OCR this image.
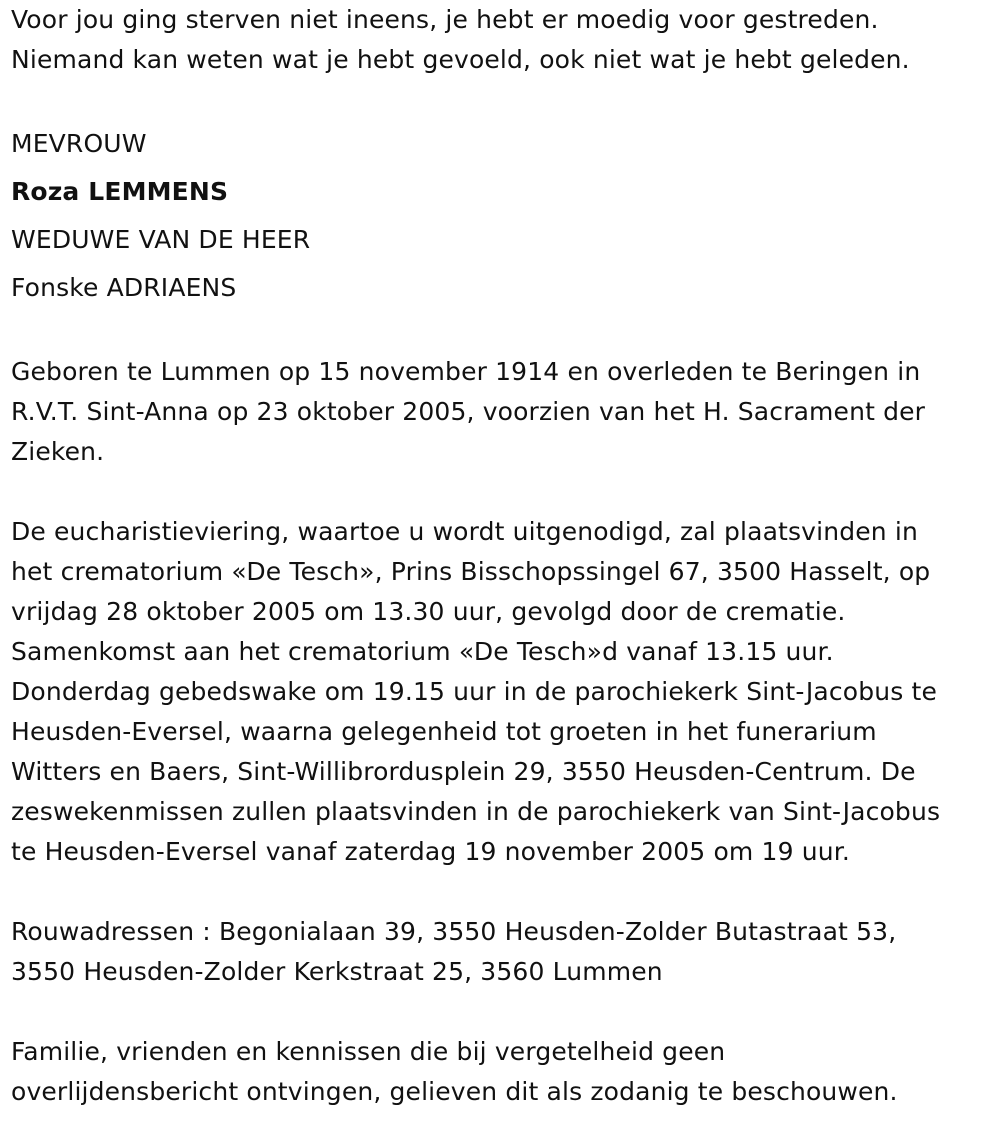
Voor jou ging sterven niet ineens, je hebt er moedig voor gestreden.
Niemand kan weten wat je hebt gevoeld, ook niet wat je hebt geleden.
MEVROUW
Roza LEMMENS
WEDUWE VAN DE HEER
Fonske ADRIAENS
Geboren te Lummen op 15 november 1914 en overleden te Beringen in
R.V.T. Sint-Anna op 23 oktober 2005, voorzien van het H. Sacrament der
Zieken.
De eucharistieviering, waartoe u wordt uitgenodigd, zal plaatsvinden in
het crematorium «De Tesch», Prins Bisschopssingel 67, 3500 Hasselt, op
vrijdag 28 oktober 2005 om 13.30 uur, gevolgd door de crematie.
Samenkomst aan het crematorium «De Tesch»d vanaf 13.15 uur.
Donderdag gebedswake om 19.15 uur in de parochiekerk Sint-Jacobus te
Heusden-Eversel, waarna gelegenheid tot groeten in het funerarium
Witters en Baers, Sint-Willibrordusplein 29, 3550 Heusden-Centrum. De
zeswekenmissen zullen plaatsvinden in de parochiekerk van Sint-Jacobus
te Heusden-Eversel vanaf zaterdag 19 november 2005 om 19 uur.
Rouwadressen : Begonialaan 39, 3550 Heusden-Zolder Butastraat 53,
3550 Heusden-Zolder Kerkstraat 25, 3560 Lummen
Familie, vrienden en kennissen die bij vergetelheid geen
overlijdensbericht ontvingen, gelieven dit als zodanig te beschouwen.
